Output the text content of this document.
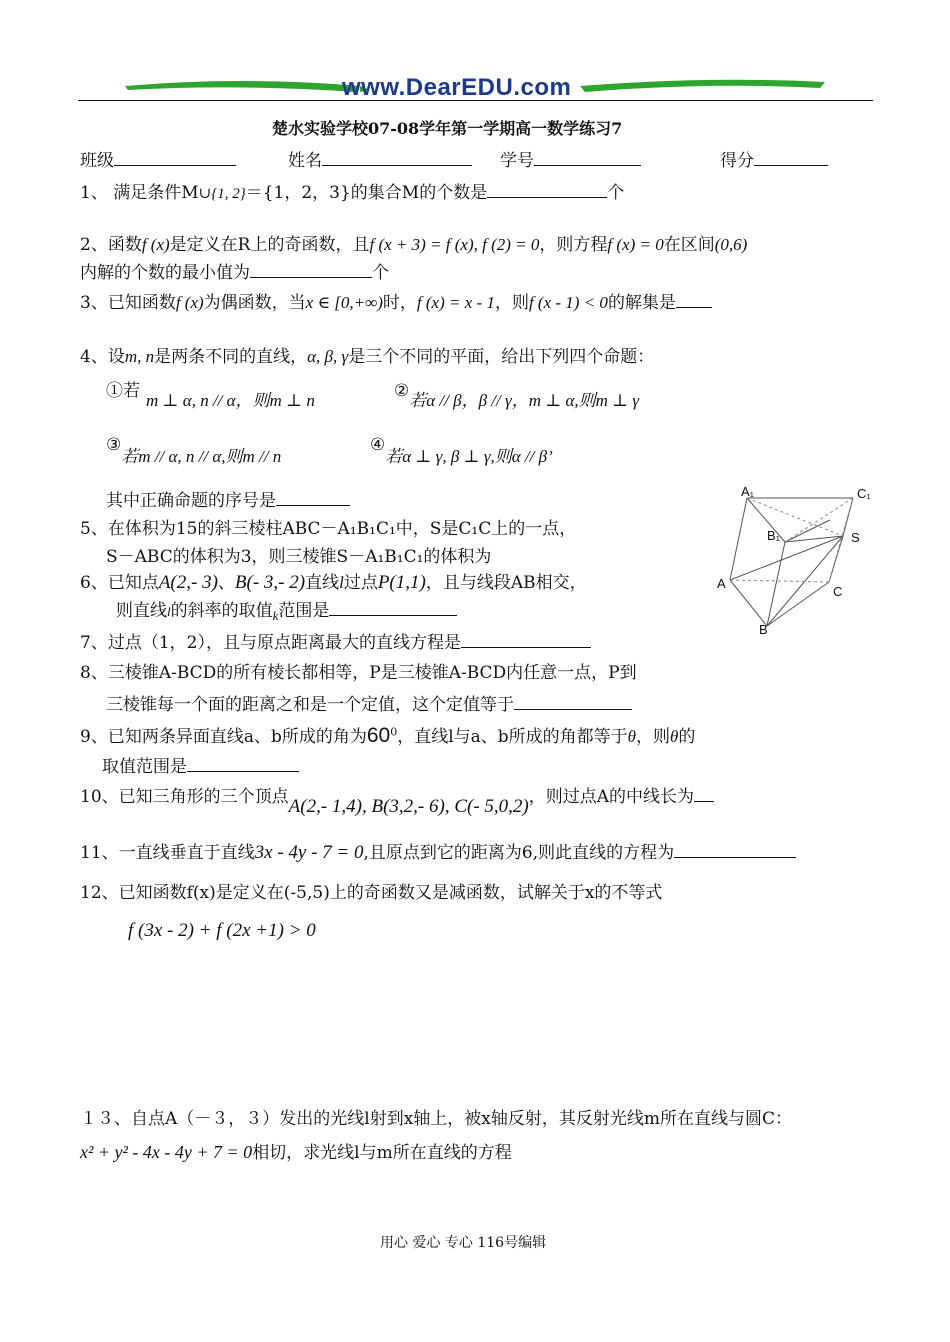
www.DearEDU.com
楚水实验学校07-08学年第一学期高一数学练习7
班级	姓名	学号	得分
1、 满足条件M∪{1, 2}＝{1，2，3}的集合M的个数是	个
2、函数f (x)是定义在R上的奇函数，且f (x + 3) = f (x), f (2) = 0，则方程f (x) = 0在区间(0,6)
内解的个数的最小值为	个
3、已知函数f (x)为偶函数，当x ∈ [0,+∞)时，f (x) = x - 1，则f (x - 1) < 0的解集是
4、设m, n是两条不同的直线，α, β, γ是三个不同的平面，给出下列四个命题：
①若 m ⊥ α, n // α，则m ⊥ n	②若α // β，β // γ，m ⊥ α,则m ⊥ γ
③若m // α, n // α,则m // n
④若α ⊥ γ, β ⊥ γ,则α // β’
其中正确命题的序号是
5、在体积为15的斜三棱柱ABC－A₁B₁C₁中，S是C₁C上的一点，
S－ABC的体积为3，则三棱锥S－A₁B₁C₁的体积为
6、已知点A(2,- 3)、B(- 3,- 2)直线l过点P(1,1)，且与线段AB相交，
则直线l的斜率的取值$_k$范围是
7、过点（1，2），且与原点距离最大的直线方程是
8、三棱锥A-BCD的所有棱长都相等，P是三棱锥A-BCD内任意一点，P到
三棱锥每一个面的距离之和是一个定值，这个定值等于
9、已知两条异面直线a、b所成的角为$60^0$，直线l与a、b所成的角都等于θ，则θ的
取值范围是
10、已知三角形的三个顶点A(2,- 1,4), B(3,2,- 6), C(- 5,0,2)，则过点A的中线长为
11、一直线垂直于直线3x - 4y - 7 = 0,且原点到它的距离为6,则此直线的方程为
12、已知函数f(x)是定义在(-5,5)上的奇函数又是减函数，试解关于x的不等式
f (3x - 2) + f (2x +1) > 0
１３、自点A（－３，３）发出的光线l射到x轴上，被x轴反射，其反射光线m所在直线与圆C：
x² + y² - 4x - 4y + 7 = 0相切，求光线l与m所在直线的方程
A₁	C₁
B₁	S
A
C
B
用心 爱心 专心 116号编辑
